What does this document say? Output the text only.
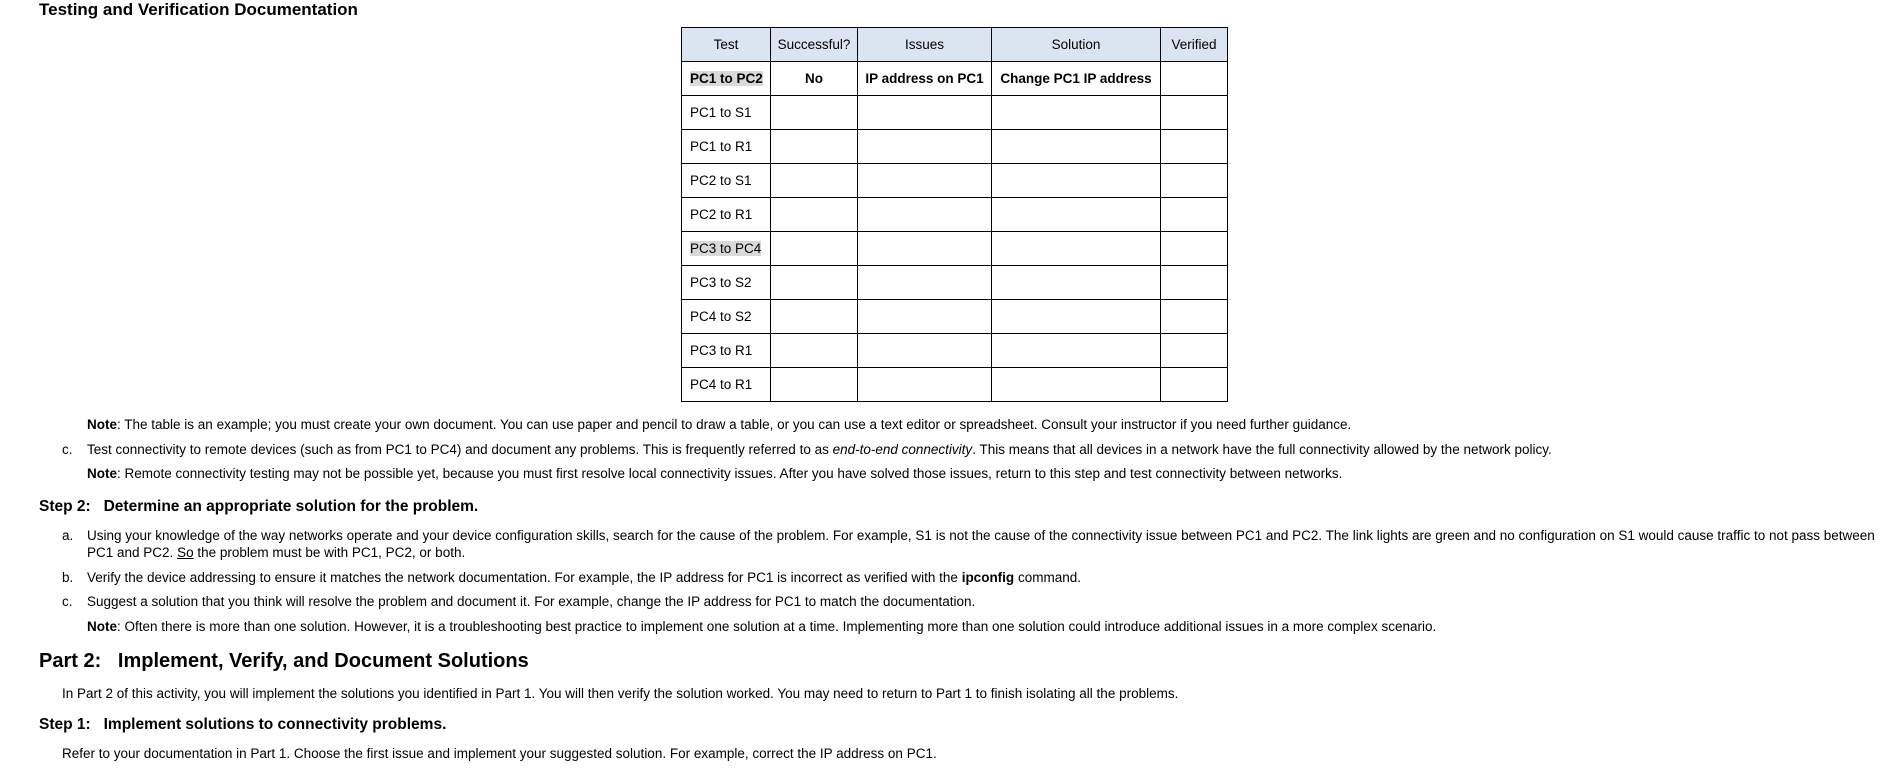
Testing and Verification Documentation
Test	Successful?	Issues	Solution	Verified
PC1 to PC2	No	IP address on PC1	Change PC1 IP address	
PC1 to S1				
PC1 to R1				
PC2 to S1				
PC2 to R1				
PC3 to PC4				
PC3 to S2				
PC4 to S2				
PC3 to R1				
PC4 to R1				
Note: The table is an example; you must create your own document. You can use paper and pencil to draw a table, or you can use a text editor or spreadsheet. Consult your instructor if you need further guidance.
c. Test connectivity to remote devices (such as from PC1 to PC4) and document any problems. This is frequently referred to as end-to-end connectivity. This means that all devices in a network have the full connectivity allowed by the network policy.
Note: Remote connectivity testing may not be possible yet, because you must first resolve local connectivity issues. After you have solved those issues, return to this step and test connectivity between networks.
Step 2: Determine an appropriate solution for the problem.
a. Using your knowledge of the way networks operate and your device configuration skills, search for the cause of the problem. For example, S1 is not the cause of the connectivity issue between PC1 and PC2. The link lights are green and no configuration on S1 would cause traffic to not pass between
PC1 and PC2. So the problem must be with PC1, PC2, or both.
b. Verify the device addressing to ensure it matches the network documentation. For example, the IP address for PC1 is incorrect as verified with the ipconfig command.
c. Suggest a solution that you think will resolve the problem and document it. For example, change the IP address for PC1 to match the documentation.
Note: Often there is more than one solution. However, it is a troubleshooting best practice to implement one solution at a time. Implementing more than one solution could introduce additional issues in a more complex scenario.
Part 2: Implement, Verify, and Document Solutions
In Part 2 of this activity, you will implement the solutions you identified in Part 1. You will then verify the solution worked. You may need to return to Part 1 to finish isolating all the problems.
Step 1: Implement solutions to connectivity problems.
Refer to your documentation in Part 1. Choose the first issue and implement your suggested solution. For example, correct the IP address on PC1.
